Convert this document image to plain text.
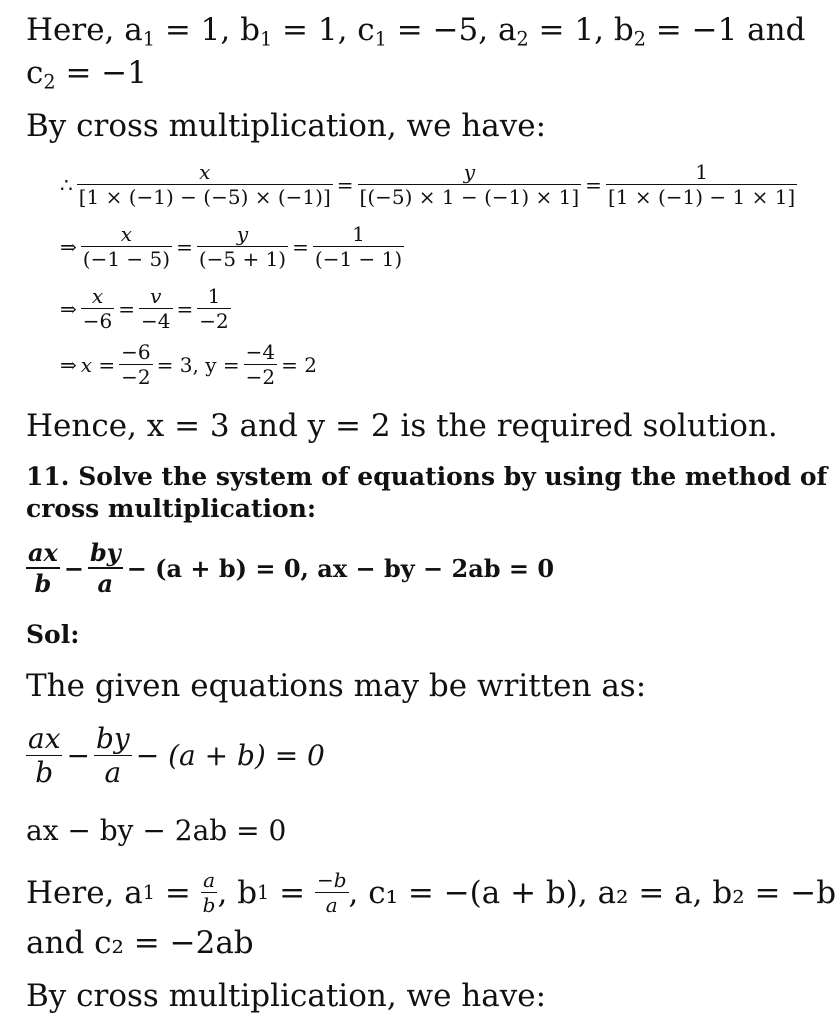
Here, $a_1 = 1$, $b_1 = 1$, $c_1 = -5$, $a_2 = 1$, $b_2 = -1$ and
$c_2 = -1$
By cross multiplication, we have:
∴ $\frac{x}{[1 \times (-1) - (-5) \times (-1)]} = \frac{y}{[(-5) \times 1 - (-1) \times 1]} = \frac{1}{[1 \times (-1) - 1 \times 1]}$
⇒ $\frac{x}{(-1 - 5)} = \frac{y}{(-5 + 1)} = \frac{1}{(-1 - 1)}$
⇒ $\frac{x}{-6} = \frac{v}{-4} = \frac{1}{-2}$
⇒ $x = \frac{-6}{-2} = 3$, $y = \frac{-4}{-2} = 2$
Hence, x = 3 and y = 2 is the required solution.
11. Solve the system of equations by using the method of
cross multiplication:
$\frac{ax}{b} - \frac{by}{a} - (a + b) = 0$, ax − by − 2ab = 0
Sol:
The given equations may be written as:
$\frac{ax}{b} - \frac{by}{a} - (a + b) = 0$
ax − by − 2ab = 0
Here,
a $1 = \frac{a}{b}$ , b $1 = \frac{-b}{a}$ , c₁ = −(a + b), a₂ = a, b₂ = −b
and c₂ = −2ab
By cross multiplication, we have:
